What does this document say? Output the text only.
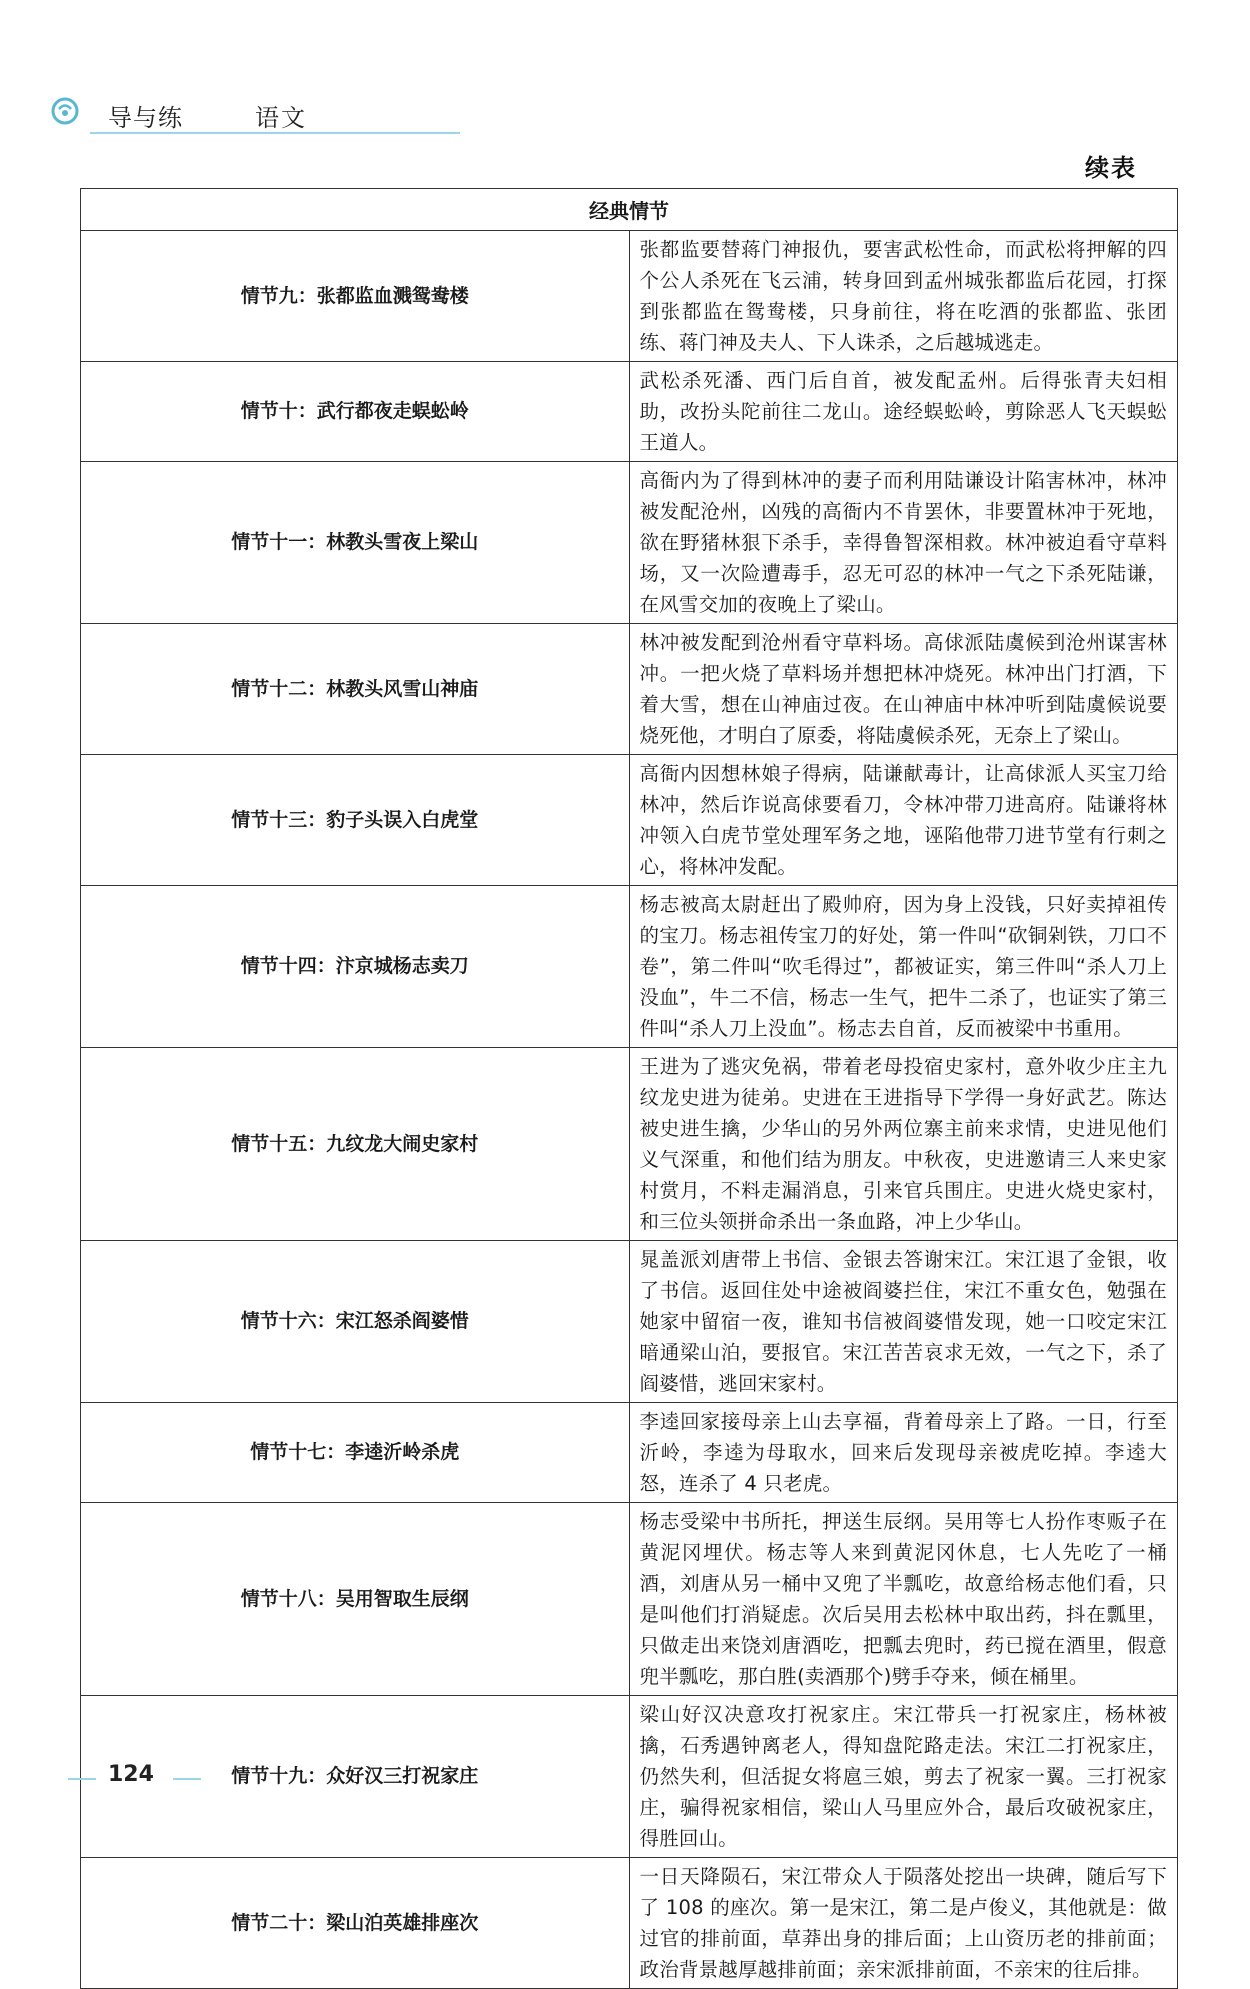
导与练	语文
续表
经典情节	
情节九：张都监血溅鸳鸯楼	张都监要替蒋门神报仇，要害武松性命，而武松将押解的四个公人杀死在飞云浦，转身回到孟州城张都监后花园，打探到张都监在鸳鸯楼，只身前往，将在吃酒的张都监、张团练、蒋门神及夫人、下人诛杀，之后越城逃走。
情节十：武行都夜走蜈蚣岭	武松杀死潘、西门后自首，被发配孟州。后得张青夫妇相助，改扮头陀前往二龙山。途经蜈蚣岭，剪除恶人飞天蜈蚣王道人。
情节十一：林教头雪夜上梁山	高衙内为了得到林冲的妻子而利用陆谦设计陷害林冲，林冲被发配沧州，凶残的高衙内不肯罢休，非要置林冲于死地，欲在野猪林狠下杀手，幸得鲁智深相救。林冲被迫看守草料场，又一次险遭毒手，忍无可忍的林冲一气之下杀死陆谦，在风雪交加的夜晚上了梁山。
情节十二：林教头风雪山神庙	林冲被发配到沧州看守草料场。高俅派陆虞候到沧州谋害林冲。一把火烧了草料场并想把林冲烧死。林冲出门打酒，下着大雪，想在山神庙过夜。在山神庙中林冲听到陆虞候说要烧死他，才明白了原委，将陆虞候杀死，无奈上了梁山。
情节十三：豹子头误入白虎堂	高衙内因想林娘子得病，陆谦献毒计，让高俅派人买宝刀给林冲，然后诈说高俅要看刀，令林冲带刀进高府。陆谦将林冲领入白虎节堂处理军务之地，诬陷他带刀进节堂有行刺之心，将林冲发配。
情节十四：汴京城杨志卖刀	杨志被高太尉赶出了殿帅府，因为身上没钱，只好卖掉祖传的宝刀。杨志祖传宝刀的好处，第一件叫“砍铜剁铁，刀口不卷”，第二件叫“吹毛得过”，都被证实，第三件叫“杀人刀上没血”，牛二不信，杨志一生气，把牛二杀了，也证实了第三件叫“杀人刀上没血”。杨志去自首，反而被梁中书重用。
情节十五：九纹龙大闹史家村	王进为了逃灾免祸，带着老母投宿史家村，意外收少庄主九纹龙史进为徒弟。史进在王进指导下学得一身好武艺。陈达被史进生擒，少华山的另外两位寨主前来求情，史进见他们义气深重，和他们结为朋友。中秋夜，史进邀请三人来史家村赏月，不料走漏消息，引来官兵围庄。史进火烧史家村，和三位头领拼命杀出一条血路，冲上少华山。
情节十六：宋江怒杀阎婆惜	晁盖派刘唐带上书信、金银去答谢宋江。宋江退了金银，收了书信。返回住处中途被阎婆拦住，宋江不重女色，勉强在她家中留宿一夜，谁知书信被阎婆惜发现，她一口咬定宋江暗通梁山泊，要报官。宋江苦苦哀求无效，一气之下，杀了阎婆惜，逃回宋家村。
情节十七：李逵沂岭杀虎	李逵回家接母亲上山去享福，背着母亲上了路。一日，行至沂岭，李逵为母取水，回来后发现母亲被虎吃掉。李逵大怒，连杀了 4 只老虎。
情节十八：吴用智取生辰纲	杨志受梁中书所托，押送生辰纲。吴用等七人扮作枣贩子在黄泥冈埋伏。杨志等人来到黄泥冈休息，七人先吃了一桶酒，刘唐从另一桶中又兜了半瓢吃，故意给杨志他们看，只是叫他们打消疑虑。次后吴用去松林中取出药，抖在瓢里，只做走出来饶刘唐酒吃，把瓢去兜时，药已搅在酒里，假意兜半瓢吃，那白胜(卖酒那个)劈手夺来，倾在桶里。
情节十九：众好汉三打祝家庄	梁山好汉决意攻打祝家庄。宋江带兵一打祝家庄，杨林被擒，石秀遇钟离老人，得知盘陀路走法。宋江二打祝家庄，仍然失利，但活捉女将扈三娘，剪去了祝家一翼。三打祝家庄，骗得祝家相信，梁山人马里应外合，最后攻破祝家庄，得胜回山。
情节二十：梁山泊英雄排座次	一日天降陨石，宋江带众人于陨落处挖出一块碑，随后写下了 108 的座次。第一是宋江，第二是卢俊义，其他就是：做过官的排前面，草莽出身的排后面；上山资历老的排前面；政治背景越厚越排前面；亲宋派排前面，不亲宋的往后排。
124
